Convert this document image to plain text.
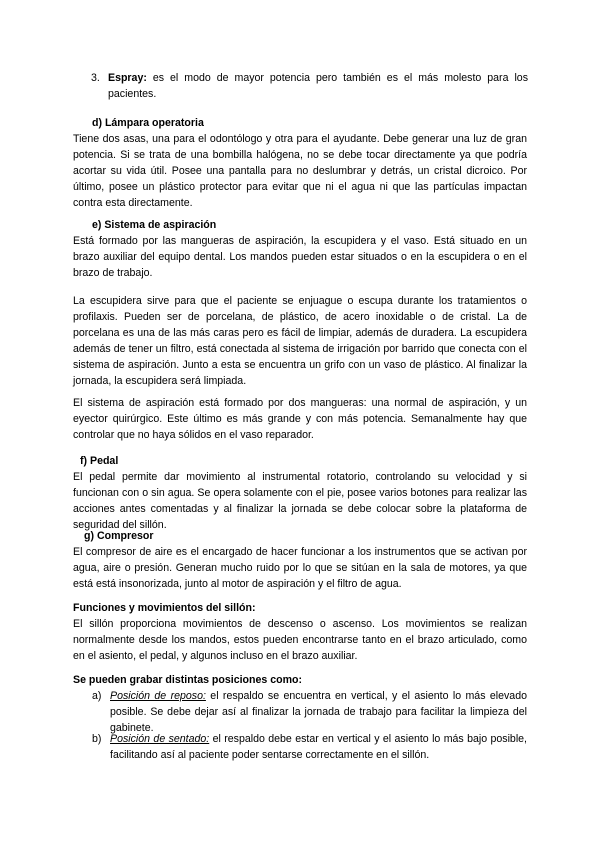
3. Espray: es el modo de mayor potencia pero también es el más molesto para los pacientes.
d) Lámpara operatoria
Tiene dos asas, una para el odontólogo y otra para el ayudante. Debe generar una luz de gran potencia. Si se trata de una bombilla halógena, no se debe tocar directamente ya que podría acortar su vida útil. Posee una pantalla para no deslumbrar y detrás, un cristal dicroico. Por último, posee un plástico protector para evitar que ni el agua ni que las partículas impactan contra esta directamente.
e) Sistema de aspiración
Está formado por las mangueras de aspiración, la escupidera y el vaso. Está situado en un brazo auxiliar del equipo dental. Los mandos pueden estar situados o en la escupidera o en el brazo de trabajo.
La escupidera sirve para que el paciente se enjuague o escupa durante los tratamientos o profilaxis. Pueden ser de porcelana, de plástico, de acero inoxidable o de cristal. La de porcelana es una de las más caras pero es fácil de limpiar, además de duradera. La escupidera además de tener un filtro, está conectada al sistema de irrigación por barrido que conecta con el sistema de aspiración. Junto a esta se encuentra un grifo con un vaso de plástico. Al finalizar la jornada, la escupidera será limpiada.
El sistema de aspiración está formado por dos mangueras: una normal de aspiración, y un eyector quirúrgico. Este último es más grande y con más potencia. Semanalmente hay que controlar que no haya sólidos en el vaso reparador.
f) Pedal
El pedal permite dar movimiento al instrumental rotatorio, controlando su velocidad y si funcionan con o sin agua. Se opera solamente con el pie, posee varios botones para realizar las acciones antes comentadas y al finalizar la jornada se debe colocar sobre la plataforma de seguridad del sillón.
g) Compresor
El compresor de aire es el encargado de hacer funcionar a los instrumentos que se activan por agua, aire o presión. Generan mucho ruido por lo que se sitúan en la sala de motores, ya que está está insonorizada, junto al motor de aspiración y el filtro de agua.
Funciones y movimientos del sillón:
El sillón proporciona movimientos de descenso o ascenso. Los movimientos se realizan normalmente desde los mandos, estos pueden encontrarse tanto en el brazo articulado, como en el asiento, el pedal, y algunos incluso en el brazo auxiliar.
Se pueden grabar distintas posiciones como:
a) Posición de reposo: el respaldo se encuentra en vertical, y el asiento lo más elevado posible. Se debe dejar así al finalizar la jornada de trabajo para facilitar la limpieza del gabinete.
b) Posición de sentado: el respaldo debe estar en vertical y el asiento lo más bajo posible, facilitando así al paciente poder sentarse correctamente en el sillón.
